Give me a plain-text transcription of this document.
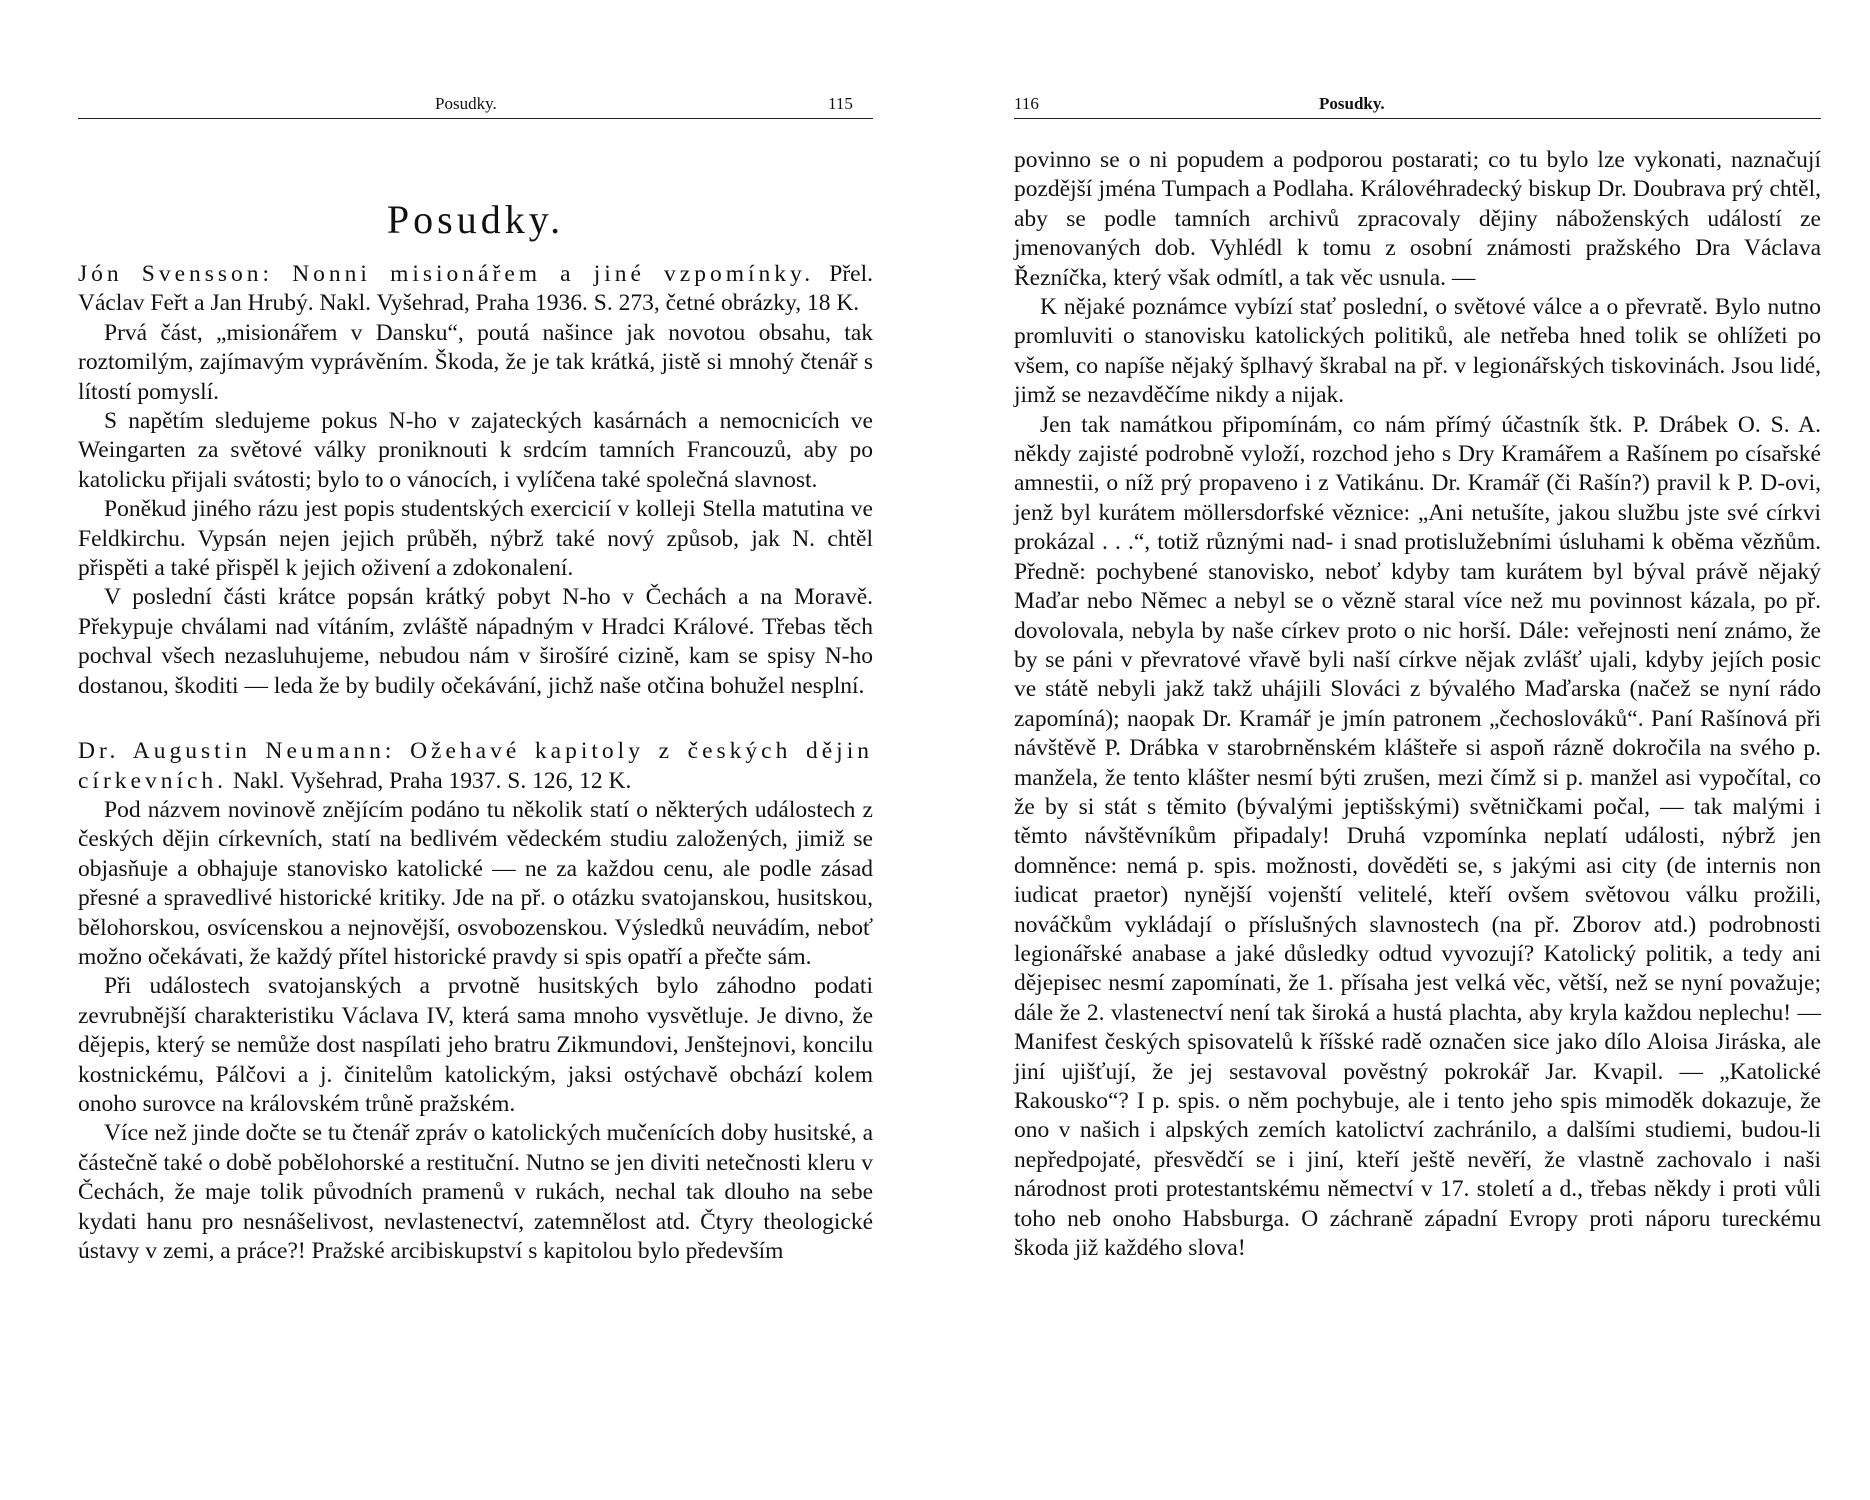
Posudky.	115
Posudky.

Jón Svensson: Nonni misionářem a jiné vzpomínky. Přel. Václav Feřt a Jan Hrubý. Nakl. Vyšehrad, Praha 1936. S. 273, četné obrázky, 18 K.

Prvá část, „misionářem v Dansku“, poutá našince jak novotou obsahu, tak roztomilým, zajímavým vyprávěním. Škoda, že je tak krátká, jistě si mnohý čtenář s lítostí pomyslí.

S napětím sledujeme pokus N-ho v zajateckých kasárnách a nemocnicích ve Weingarten za světové války proniknouti k srdcím tamních Francouzů, aby po katolicku přijali svátosti; bylo to o vánocích, i vylíčena také společná slavnost.

Poněkud jiného rázu jest popis studentských exercicií v kolleji Stella matutina ve Feldkirchu. Vypsán nejen jejich průběh, nýbrž také nový způsob, jak N. chtěl přispěti a také přispěl k jejich oživení a zdokonalení.

V poslední části krátce popsán krátký pobyt N-ho v Čechách a na Moravě. Překypuje chválami nad vítáním, zvláště nápadným v Hradci Králové. Třebas těch pochval všech nezasluhujeme, nebudou nám v širošíré cizině, kam se spisy N-ho dostanou, škoditi — leda že by budily očekávání, jichž naše otčina bohužel nesplní.

Dr. Augustin Neumann: Ožehavé kapitoly z českých dějin církevních. Nakl. Vyšehrad, Praha 1937. S. 126, 12 K.

Pod názvem novinově znějícím podáno tu několik statí o některých událostech z českých dějin církevních, statí na bedlivém vědeckém studiu založených, jimiž se objasňuje a obhajuje stanovisko katolické — ne za každou cenu, ale podle zásad přesné a spravedlivé historické kritiky. Jde na př. o otázku svatojanskou, husitskou, bělohorskou, osvícenskou a nejnovější, osvobozenskou. Výsledků neuvádím, neboť možno očekávati, že každý přítel historické pravdy si spis opatří a přečte sám.

Při událostech svatojanských a prvotně husitských bylo záhodno podati zevrubnější charakteristiku Václava IV, která sama mnoho vysvětluje. Je divno, že dějepis, který se nemůže dost naspílati jeho bratru Zikmundovi, Jenštejnovi, koncilu kostnickému, Pálčovi a j. činitelům katolickým, jaksi ostýchavě obchází kolem onoho surovce na královském trůně pražském.

Více než jinde dočte se tu čtenář zpráv o katolických mučenících doby husitské, a částečně také o době pobělohorské a restituční. Nutno se jen diviti netečnosti kleru v Čechách, že maje tolik původních pramenů v rukách, nechal tak dlouho na sebe kydati hanu pro nesnášelivost, nevlastenectví, zatemnělost atd. Čtyry theologické ústavy v zemi, a práce?! Pražské arcibiskupství s kapitolou bylo především

116	Posudky.

povinno se o ni popudem a podporou postarati; co tu bylo lze vykonati, naznačují pozdější jména Tumpach a Podlaha. Královéhradecký biskup Dr. Doubrava prý chtěl, aby se podle tamních archivů zpracovaly dějiny náboženských událostí ze jmenovaných dob. Vyhlédl k tomu z osobní známosti pražského Dra Václava Řezníčka, který však odmítl, a tak věc usnula. —

K nějaké poznámce vybízí stať poslední, o světové válce a o převratě. Bylo nutno promluviti o stanovisku katolických politiků, ale netřeba hned tolik se ohlížeti po všem, co napíše nějaký šplhavý škrabal na př. v legionářských tiskovinách. Jsou lidé, jimž se nezavděčíme nikdy a nijak.

Jen tak namátkou připomínám, co nám přímý účastník štk. P. Drábek O. S. A. někdy zajisté podrobně vyloží, rozchod jeho s Dry Kramářem a Rašínem po císařské amnestii, o níž prý propaveno i z Vatikánu. Dr. Kramář (či Rašín?) pravil k P. D-ovi, jenž byl kurátem möllersdorfské věznice: „Ani netušíte, jakou službu jste své církvi prokázal . . .“, totiž různými nad- i snad protislužebními úsluhami k oběma vězňům. Předně: pochybené stanovisko, neboť kdyby tam kurátem byl býval právě nějaký Maďar nebo Němec a nebyl se o vězně staral více než mu povinnost kázala, po př. dovolovala, nebyla by naše církev proto o nic horší. Dále: veřejnosti není známo, že by se páni v převratové vřavě byli naší církve nějak zvlášť ujali, kdyby jejích posic ve státě nebyli jakž takž uhájili Slováci z bývalého Maďarska (načež se nyní rádo zapomíná); naopak Dr. Kramář je jmín patronem „čechoslováků“. Paní Rašínová při návštěvě P. Drábka v starobrněnském klášteře si aspoň rázně dokročila na svého p. manžela, že tento klášter nesmí býti zrušen, mezi čímž si p. manžel asi vypočítal, co že by si stát s těmito (bývalými jeptišskými) světničkami počal, — tak malými i těmto návštěvníkům připadaly! Druhá vzpomínka neplatí události, nýbrž jen domněnce: nemá p. spis. možnosti, dověděti se, s jakými asi city (de internis non iudicat praetor) nynější vojenští velitelé, kteří ovšem světovou válku prožili, nováčkům vykládají o příslušných slavnostech (na př. Zborov atd.) podrobnosti legionářské anabase a jaké důsledky odtud vyvozují? Katolický politik, a tedy ani dějepisec nesmí zapomínati, že 1. přísaha jest velká věc, větší, než se nyní považuje; dále že 2. vlastenectví není tak široká a hustá plachta, aby kryla každou neplechu! — Manifest českých spisovatelů k říšské radě označen sice jako dílo Aloisa Jiráska, ale jiní ujišťují, že jej sestavoval pověstný pokrokář Jar. Kvapil. — „Katolické Rakousko“? I p. spis. o něm pochybuje, ale i tento jeho spis mimoděk dokazuje, že ono v našich i alpských zemích katolictví zachránilo, a dalšími studiemi, budou-li nepředpojaté, přesvědčí se i jiní, kteří ještě nevěří, že vlastně zachovalo i naši národnost proti protestantskému němectví v 17. století a d., třebas někdy i proti vůli toho neb onoho Habsburga. O záchraně západní Evropy proti náporu tureckému škoda již každého slova!
